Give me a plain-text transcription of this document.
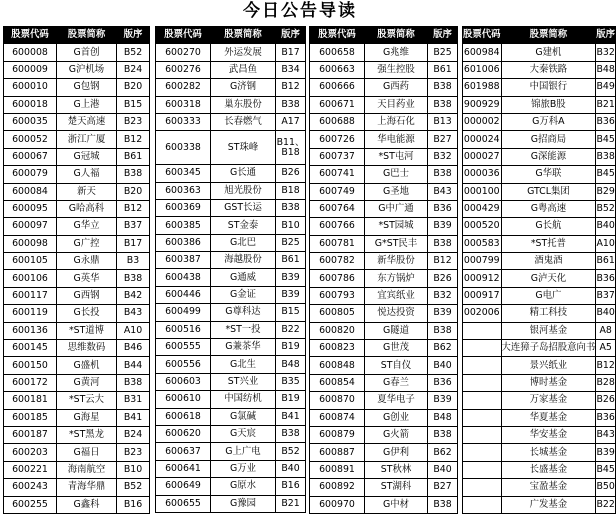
今日公告导读
股票代码	股票简称	版序
600008	G首创	B52
600009	G沪机场	B24
600010	G包钢	B20
600018	G上港	B15
600035	楚天高速	B23
600052	浙江广厦	B12
600067	G冠城	B61
600079	G人福	B38
600084	新天	B20
600095	G哈高科	B12
600097	G华立	B37
600098	G广控	B17
600105	G永鼎	B3
600106	G英华	B38
600117	G西钢	B42
600119	G长投	B43
600136	*ST道博	A10
600145	思维数码	B46
600150	G盛机	B44
600172	G黄河	B38
600181	*ST云大	B31
600185	G海星	B41
600187	*ST黑龙	B24
600203	G福日	B23
600221	海南航空	B10
600243	青海华鼎	B52
600255	G鑫科	B16
股票代码	股票简称	版序
600270	外运发展	B17
600276	武昌鱼	B34
600282	G济钢	B12
600318	巢东股份	B38
600333	长春燃气	A17
600338	ST珠峰	B11、B18
600345	G长通	B26
600363	旭光股份	B18
600369	GST长运	B38
600385	ST金泰	B10
600386	G北巴	B25
600387	海越股份	B61
600438	G通威	B39
600446	G金证	B39
600499	G尊科达	B15
600516	*ST一投	B22
600555	G兼茶华	B19
600556	G北生	B48
600603	ST兴业	B35
600610	中国纺机	B19
600618	G氯碱	B41
600620	G天宸	B38
600637	G上广电	B52
600641	G万业	B40
600649	G原水	B16
600655	G豫园	B21
股票代码	股票简称	版序
600658	G兆维	B25
600663	强生控股	B61
600666	G西药	B38
600671	天目药业	B38
600688	上海石化	B13
600726	华电能源	B27
600737	*ST屯河	B32
600741	G巴士	B38
600749	G圣地	B43
600764	G中广通	B36
600766	*ST园城	B39
600781	G*ST民丰	B38
600782	新华股份	B12
600786	东方锅炉	B26
600793	宜宾纸业	B32
600805	悦达投资	B39
600820	G隧道	B38
600823	G世茂	B62
600848	ST自仪	B40
600854	G春兰	B36
600870	夏华电子	B39
600874	G创业	B48
600879	G火箭	B38
600887	G伊利	B62
600891	ST秋林	B40
600892	ST湖科	B27
600970	G中材	B38
股票代码	股票简称	版序
600984	G建机	B32
601006	大秦铁路	B48
601988	中国银行	B49
900929	锦旅B股	B21
000002	G万科A	B36
000024	G招商局	B45
000027	G深能源	B38
000036	G华联	B45
000100	GTCL集团	B29
000429	G粤高速	B52
000520	G长航	B40
000583	*ST托普	A10
000799	酒鬼酒	B61
000912	G泸天化	B36
000917	G电广	B37
002006	精工科技	B40
	银河基金	A8
	大连獐子岛招股意向书	A5
	景兴纸业	B12
	博时基金	B28
	万家基金	B26
	华夏基金	B36
	华安基金	B43
	长城基金	B39
	长盛基金	B45
	宝盈基金	B50
	广发基金	B22
